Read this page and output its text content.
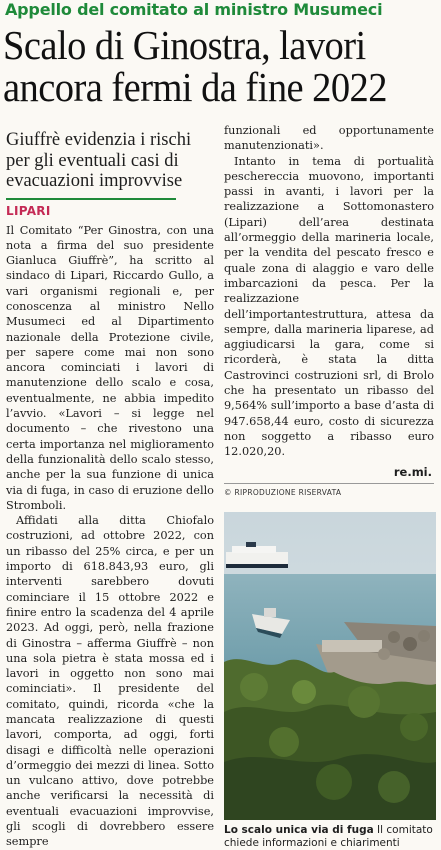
Appello del comitato al ministro Musumeci
Scalo di Ginostra, lavori
ancora fermi da fine 2022
Giuffrè evidenzia i rischi per gli eventuali casi di evacuazioni improvvise
LIPARI

Il Comitato “Per Ginostra, con una nota a firma del suo presidente Gianluca Giuffrè”, ha scritto al sindaco di Lipari, Riccardo Gullo, a vari organismi regionali e, per conoscenza al ministro Nello Musumeci ed al Dipartimento nazionale della Protezione civile, per sapere come mai non sono ancora cominciati i lavori di manutenzione dello scalo e cosa, eventualmente, ne abbia impedito l’avvio. «Lavori – si legge nel documento – che rivestono una certa importanza nel miglioramento della funzionalità dello scalo stesso, anche per la sua funzione di unica via di fuga, in caso di eruzione dello Stromboli.

Affidati alla ditta Chiofalo costruzioni, ad ottobre 2022, con un ribasso del 25% circa, e per un importo di 618.843,93 euro, gli interventi sarebbero dovuti cominciare il 15 ottobre 2022 e finire entro la scadenza del 4 aprile 2023. Ad oggi, però, nella frazione di Ginostra – afferma Giuffrè – non una sola pietra è stata mossa ed i lavori in oggetto non sono mai cominciati». Il presidente del comitato, quindi, ricorda «che la mancata realizzazione di questi lavori, comporta, ad oggi, forti disagi e difficoltà nelle operazioni d’ormeggio dei mezzi di linea. Sotto un vulcano attivo, dove potrebbe anche verificarsi la necessità di eventuali evacuazioni improvvise, gli scogli di dovrebbero essere sempre

funzionali ed opportunamente manutenzionati».

Intanto in tema di portualità peschereccia muovono, importanti passi in avanti, i lavori per la realizzazione a Sottomonastero (Lipari) dell’area destinata all’ormeggio della marineria locale, per la vendita del pescato fresco e quale zona di alaggio e varo delle imbarcazioni da pesca. Per la realizzazione dell’importantestruttura, attesa da sempre, dalla marineria liparese, ad aggiudicarsi la gara, come si ricorderà, è stata la ditta Castrovinci costruzioni srl, di Brolo che ha presentato un ribasso del 9,564% sull’importo a base d’asta di 947.658,44 euro, costo di sicurezza non soggetto a ribasso euro 12.020,20.

re.mi.
© RIPRODUZIONE RISERVATA
Lo scalo unica via di fuga Il comitato chiede informazioni e chiarimenti
